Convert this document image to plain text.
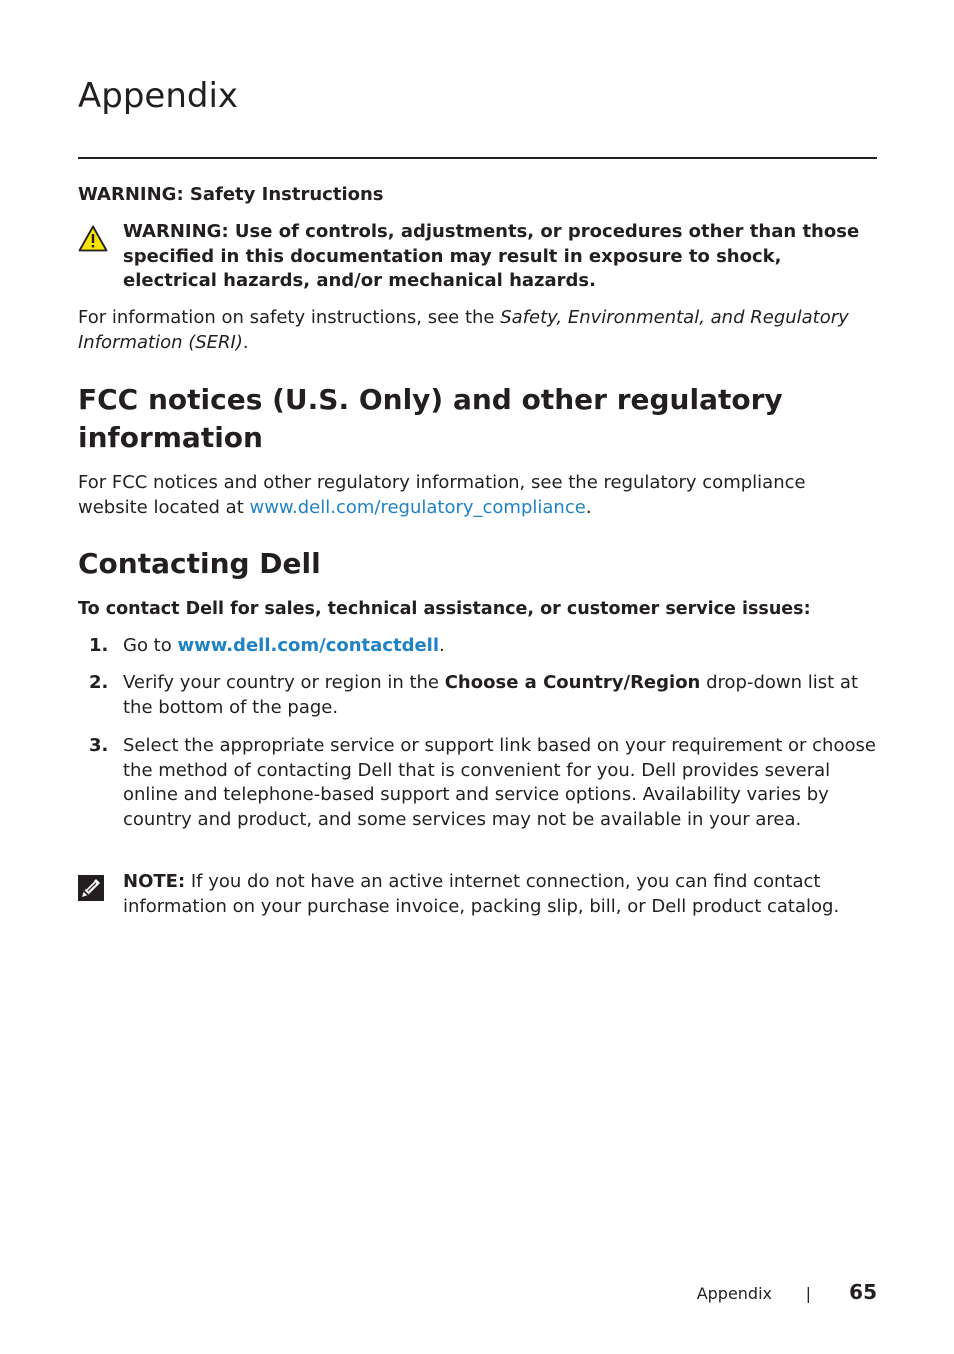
Appendix
WARNING: Safety Instructions
WARNING: Use of controls, adjustments, or procedures other than those specified in this documentation may result in exposure to shock, electrical hazards, and/or mechanical hazards.
For information on safety instructions, see the Safety, Environmental, and Regulatory Information (SERI).
FCC notices (U.S. Only) and other regulatory information
For FCC notices and other regulatory information, see the regulatory compliance website located at www.dell.com/regulatory_compliance.
Contacting Dell
To contact Dell for sales, technical assistance, or customer service issues:
1. Go to www.dell.com/contactdell.
2. Verify your country or region in the Choose a Country/Region drop-down list at the bottom of the page.
3. Select the appropriate service or support link based on your requirement or choose the method of contacting Dell that is convenient for you. Dell provides several online and telephone-based support and service options. Availability varies by country and product, and some services may not be available in your area.
NOTE: If you do not have an active internet connection, you can find contact information on your purchase invoice, packing slip, bill, or Dell product catalog.
Appendix | 65
